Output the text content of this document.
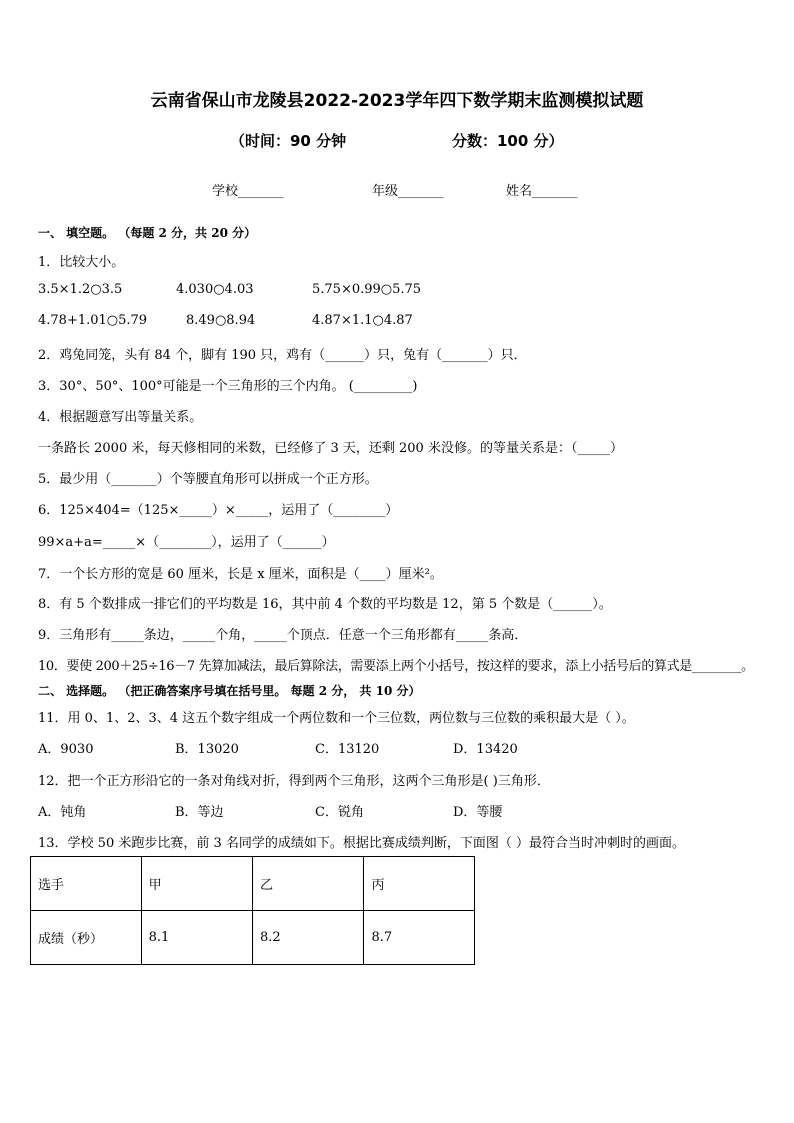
云南省保山市龙陵县2022-2023学年四下数学期末监测模拟试题
（时间：90 分钟	分数：100 分）
学校_______	年级_______	姓名_______
一、 填空题。 （每题 2 分，共 20 分）
1．比较大小。
3.5×1.2○3.5	4.030○4.03	5.75×0.99○5.75
4.78+1.01○5.79	8.49○8.94	4.87×1.1○4.87
2．鸡兔同笼，头有 84 个，脚有 190 只，鸡有（______）只，兔有（_______）只．
3．30°、50°、100°可能是一个三角形的三个内角。 (_________)
4．根据题意写出等量关系。
一条路长 2000 米，每天修相同的米数，已经修了 3 天，还剩 200 米没修。的等量关系是：（_____）
5．最少用（_______）个等腰直角形可以拼成一个正方形。
6．125×404=（125×_____）×_____，运用了（________）
99×a+a=_____×（________），运用了（______）
7．一个长方形的宽是 60 厘米，长是 x 厘米，面积是（____）厘米²。
8．有 5 个数排成一排它们的平均数是 16，其中前 4 个数的平均数是 12，第 5 个数是（______）。
9．三角形有_____条边，_____个角，_____个顶点．任意一个三角形都有_____条高．
10．要使 200＋25÷16－7 先算加减法，最后算除法，需要添上两个小括号，按这样的要求，添上小括号后的算式是________。
二、 选择题。 （把正确答案序号填在括号里。 每题 2 分， 共 10 分）
11．用 0、1、2、3、4 这五个数字组成一个两位数和一个三位数，两位数与三位数的乘积最大是（ ）。
A．9030	B．13020	C．13120	D．13420
12．把一个正方形沿它的一条对角线对折，得到两个三角形，这两个三角形是( )三角形．
A．钝角	B．等边	C．锐角	D．等腰
13．学校 50 米跑步比赛，前 3 名同学的成绩如下。根据比赛成绩判断，下面图（ ）最符合当时冲刺时的画面。
选手	甲	乙	丙
成绩（秒）	8.1	8.2	8.7
